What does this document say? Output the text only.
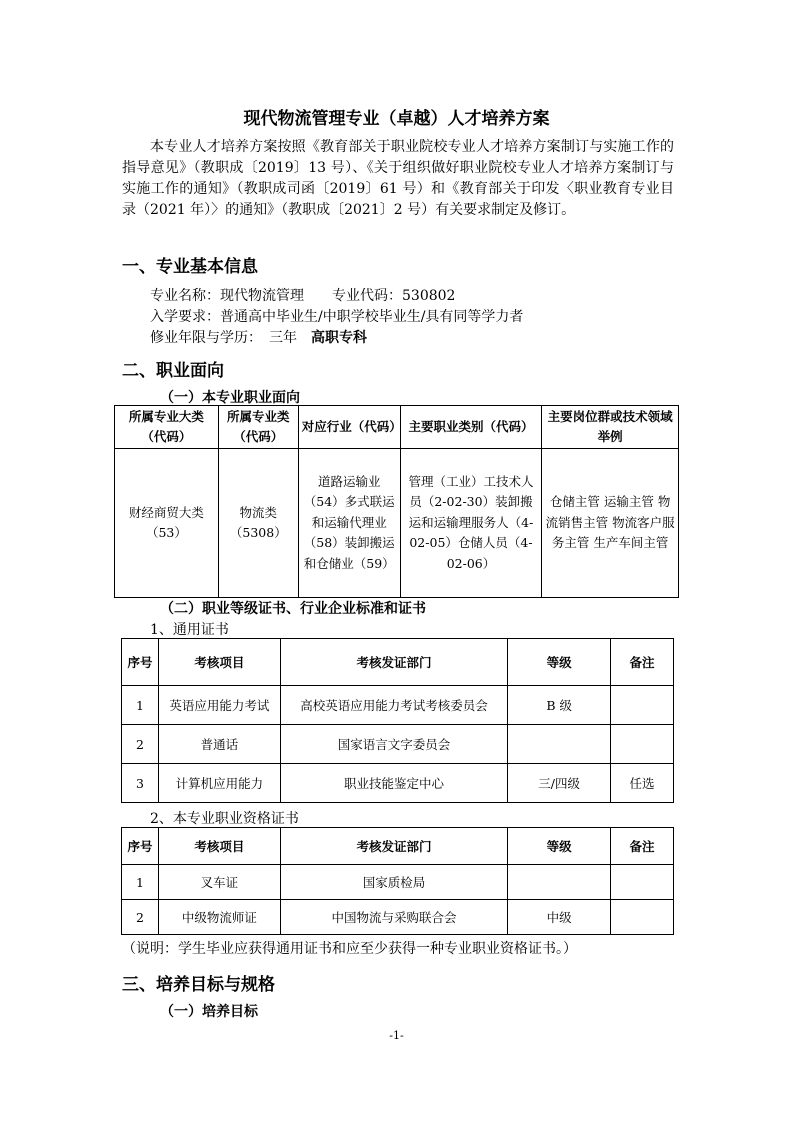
现代物流管理专业（卓越）人才培养方案
本专业人才培养方案按照《教育部关于职业院校专业人才培养方案制订与实施工作的指导意见》（教职成〔2019〕13 号）、《关于组织做好职业院校专业人才培养方案制订与实施工作的通知》（教职成司函〔2019〕61 号）和《教育部关于印发〈职业教育专业目录（2021 年）〉的通知》（教职成〔2021〕2 号）有关要求制定及修订。
一、专业基本信息
专业名称：现代物流管理　　专业代码：530802
入学要求：普通高中毕业生/中职学校毕业生/具有同等学力者
修业年限与学历：　三年　高职专科
二、职业面向
（一）本专业职业面向
所属专业大类（代码）	所属专业类（代码）	对应行业（代码）	主要职业类别（代码）	主要岗位群或技术领域举例
财经商贸大类（53）	物流类（5308）	道路运输业（54）多式联运和运输代理业（58）装卸搬运和仓储业（59）	管理（工业）工技术人员（2-02-30）装卸搬运和运输理服务人（4-02-05）仓储人员（4-02-06）	仓储主管 运输主管 物流销售主管 物流客户服务主管 生产车间主管
（二）职业等级证书、行业企业标准和证书
1、通用证书
序号	考核项目	考核发证部门	等级	备注
1	英语应用能力考试	高校英语应用能力考试考核委员会	B 级	
2	普通话	国家语言文字委员会		
3	计算机应用能力	职业技能鉴定中心	三/四级	任选
2、本专业职业资格证书
序号	考核项目	考核发证部门	等级	备注
1	叉车证	国家质检局		
2	中级物流师证	中国物流与采购联合会	中级	
（说明：学生毕业应获得通用证书和应至少获得一种专业职业资格证书。）
三、培养目标与规格
（一）培养目标
-1-
